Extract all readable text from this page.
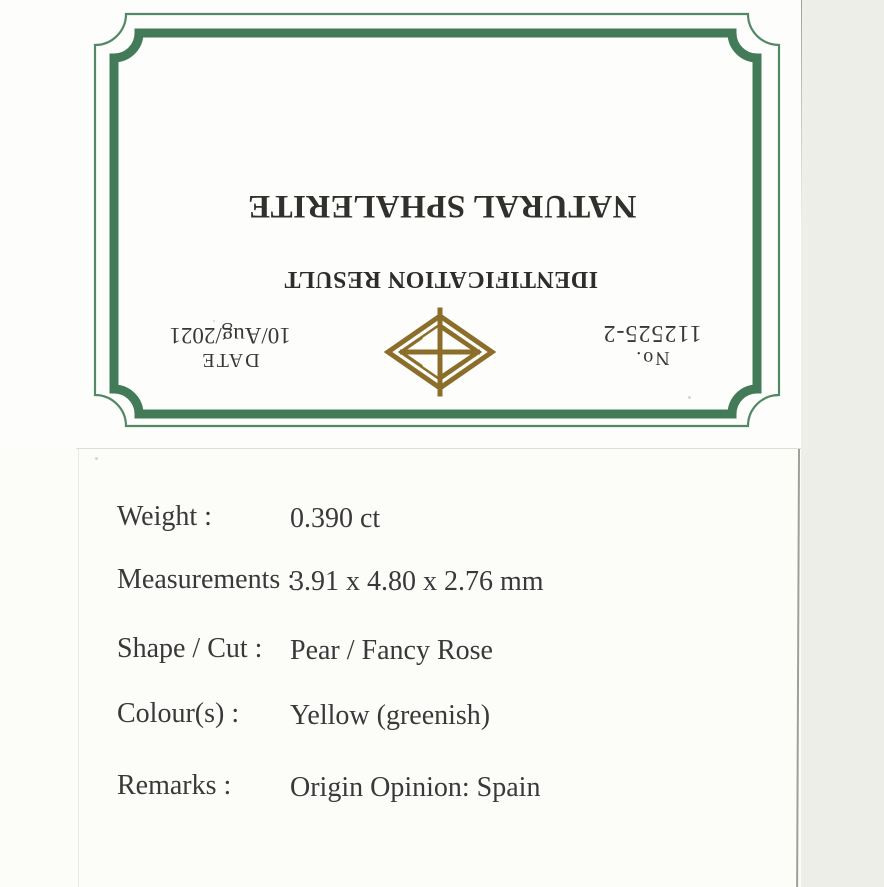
NATURAL SPHALERITE
IDENTIFICATION RESULT
DATE
10/Aug/2021
No.
112525-2
Weight :	0.390 ct
Measurements :3.91 x 4.80 x 2.76 mm
Shape / Cut : Pear / Fancy Rose
Colour(s) : Yellow (greenish)
Remarks : Origin Opinion: Spain
